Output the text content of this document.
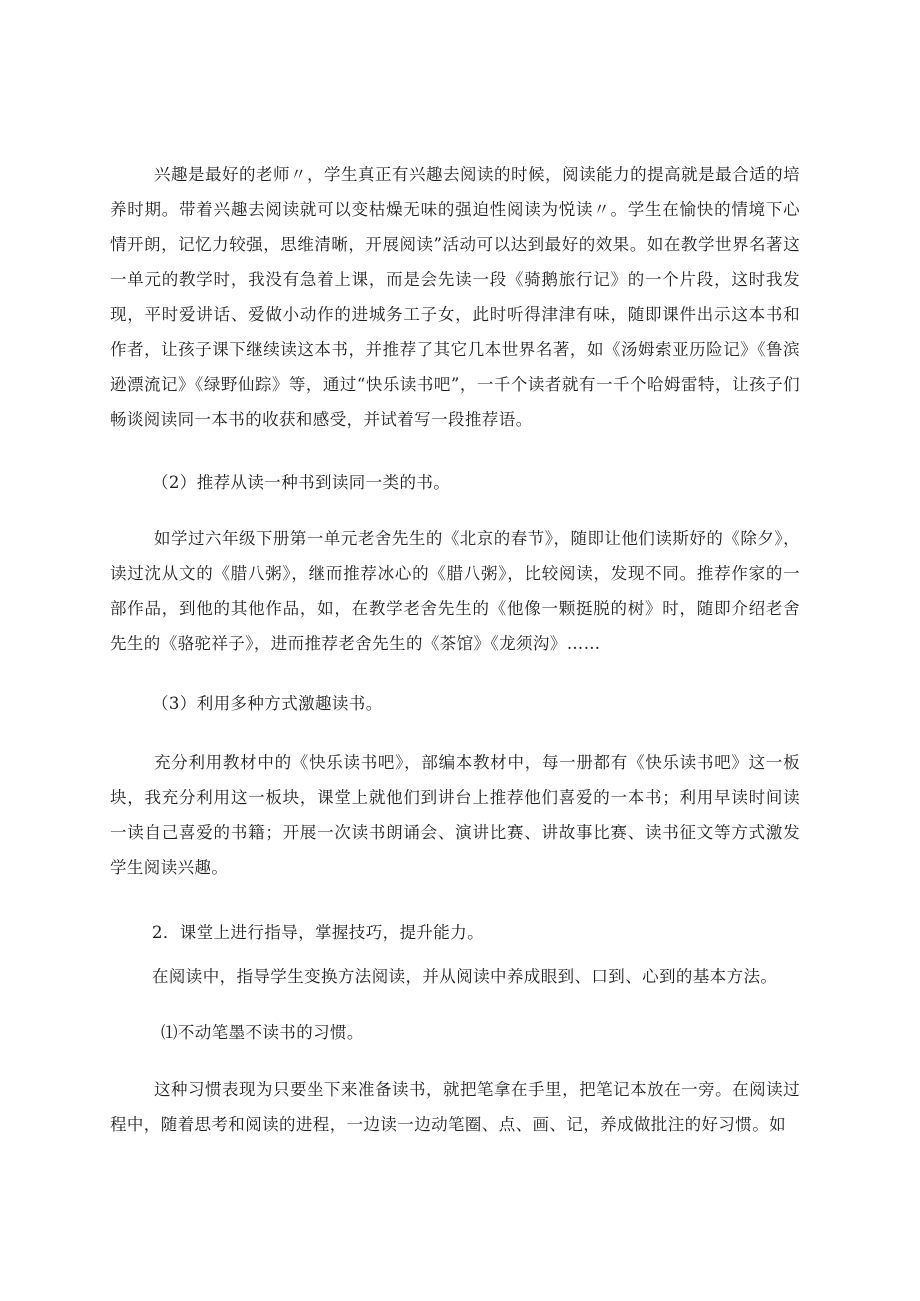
兴趣是最好的老师〃，学生真正有兴趣去阅读的时候，阅读能力的提高就是最合适的培养时期。带着兴趣去阅读就可以变枯燥无味的强迫性阅读为悦读〃。学生在愉快的情境下心情开朗，记忆力较强，思维清晰，开展阅读”活动可以达到最好的效果。如在教学世界名著这一单元的教学时，我没有急着上课，而是会先读一段《骑鹅旅行记》的一个片段，这时我发现，平时爱讲话、爱做小动作的进城务工子女，此时听得津津有味，随即课件出示这本书和作者，让孩子课下继续读这本书，并推荐了其它几本世界名著，如《汤姆索亚历险记》《鲁滨逊漂流记》《绿野仙踪》等，通过“快乐读书吧”，一千个读者就有一千个哈姆雷特，让孩子们畅谈阅读同一本书的收获和感受，并试着写一段推荐语。

（2）推荐从读一种书到读同一类的书。

如学过六年级下册第一单元老舍先生的《北京的春节》，随即让他们读斯妤的《除夕》，读过沈从文的《腊八粥》，继而推荐冰心的《腊八粥》，比较阅读，发现不同。推荐作家的一部作品，到他的其他作品，如，在教学老舍先生的《他像一颗挺脱的树》时，随即介绍老舍先生的《骆驼祥子》，进而推荐老舍先生的《茶馆》《龙须沟》……

（3）利用多种方式激趣读书。

充分利用教材中的《快乐读书吧》，部编本教材中，每一册都有《快乐读书吧》这一板块，我充分利用这一板块，课堂上就他们到讲台上推荐他们喜爱的一本书；利用早读时间读一读自己喜爱的书籍；开展一次读书朗诵会、演讲比赛、讲故事比赛、读书征文等方式激发学生阅读兴趣。

2．课堂上进行指导，掌握技巧，提升能力。

在阅读中，指导学生变换方法阅读，并从阅读中养成眼到、口到、心到的基本方法。

⑴不动笔墨不读书的习惯。

这种习惯表现为只要坐下来准备读书，就把笔拿在手里，把笔记本放在一旁。在阅读过程中，随着思考和阅读的进程，一边读一边动笔圈、点、画、记，养成做批注的好习惯。如
